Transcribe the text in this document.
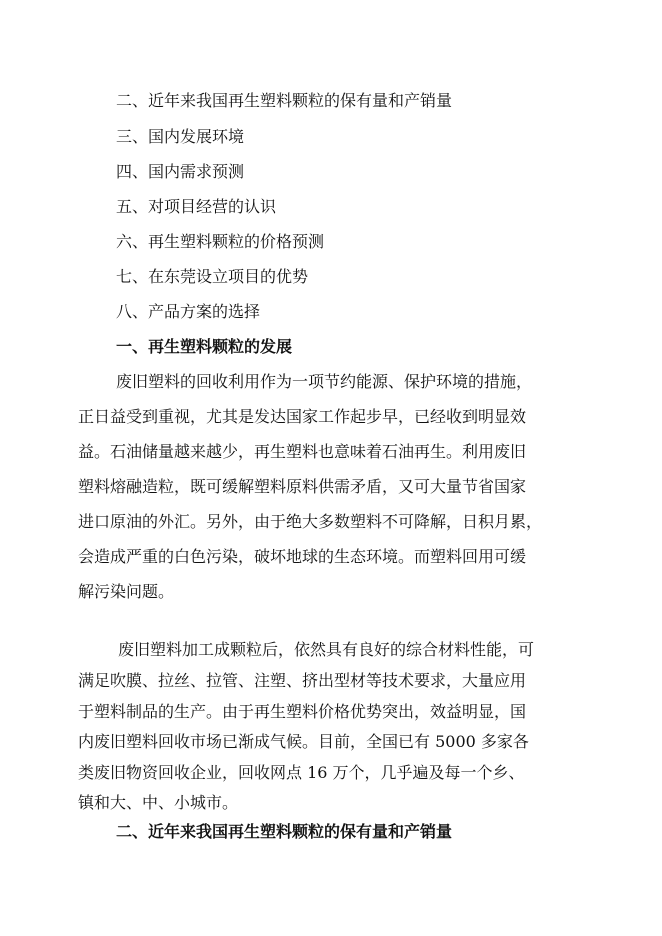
二、近年来我国再生塑料颗粒的保有量和产销量
三、国内发展环境
四、国内需求预测
五、对项目经营的认识
六、再生塑料颗粒的价格预测
七、在东莞设立项目的优势
八、产品方案的选择
一、再生塑料颗粒的发展
废旧塑料的回收利用作为一项节约能源、保护环境的措施，
正日益受到重视，尤其是发达国家工作起步早，已经收到明显效
益。石油储量越来越少，再生塑料也意味着石油再生。利用废旧
塑料熔融造粒，既可缓解塑料原料供需矛盾，又可大量节省国家
进口原油的外汇。另外，由于绝大多数塑料不可降解，日积月累，
会造成严重的白色污染，破坏地球的生态环境。而塑料回用可缓
解污染问题。
废旧塑料加工成颗粒后，依然具有良好的综合材料性能，可
满足吹膜、拉丝、拉管、注塑、挤出型材等技术要求，大量应用
于塑料制品的生产。由于再生塑料价格优势突出，效益明显，国
内废旧塑料回收市场已渐成气候。目前，全国已有 5000 多家各
类废旧物资回收企业，回收网点 16 万个，几乎遍及每一个乡、
镇和大、中、小城市。
二、近年来我国再生塑料颗粒的保有量和产销量
